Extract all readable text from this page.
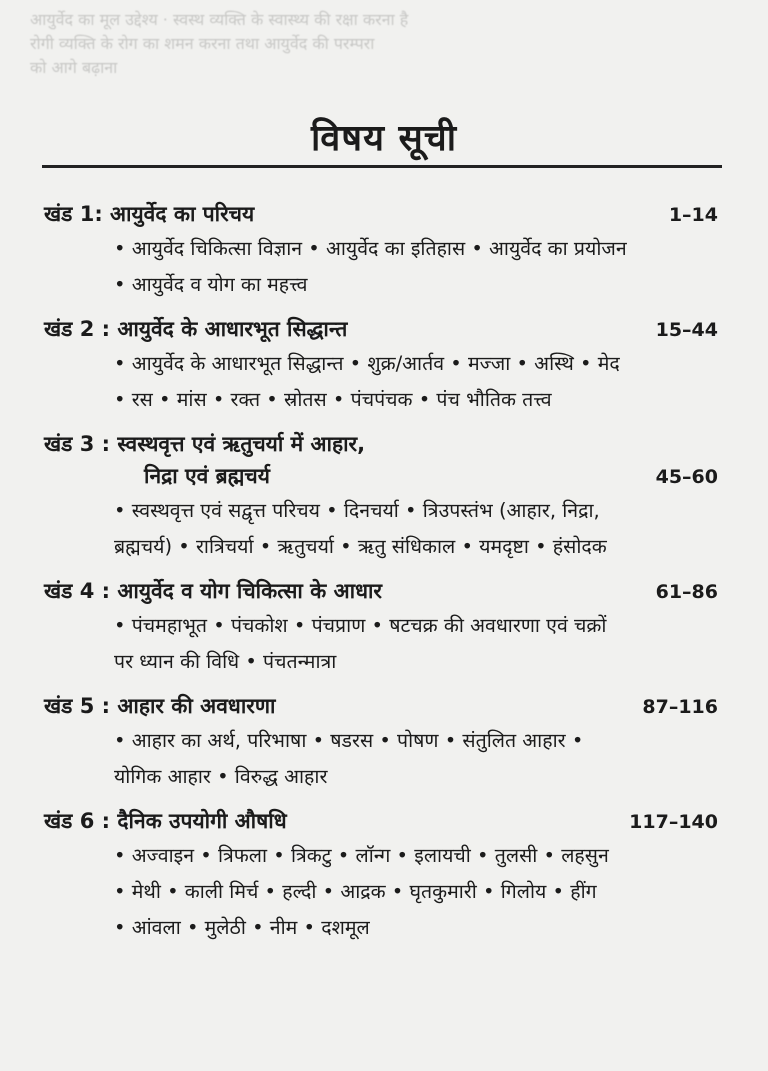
आयुर्वेद का मूल उद्देश्य · स्वस्थ व्यक्ति के स्वास्थ्य की रक्षा करना है
रोगी व्यक्ति के रोग का शमन करना तथा आयुर्वेद की परम्परा
को आगे बढ़ाना
विषय सूची
खंड 1: आयुर्वेद का परिचय	1–14
• आयुर्वेद चिकित्सा विज्ञान • आयुर्वेद का इतिहास • आयुर्वेद का प्रयोजन
• आयुर्वेद व योग का महत्त्व
खंड 2 : आयुर्वेद के आधारभूत सिद्धान्त	15–44
• आयुर्वेद के आधारभूत सिद्धान्त • शुक्र/आर्तव • मज्जा • अस्थि • मेद
• रस • मांस • रक्त • स्रोतस • पंचपंचक • पंच भौतिक तत्त्व
खंड 3 : स्वस्थवृत्त एवं ऋतुचर्या में आहार,
निद्रा एवं ब्रह्मचर्य	45–60
• स्वस्थवृत्त एवं सद्वृत्त परिचय • दिनचर्या • त्रिउपस्तंभ (आहार, निद्रा,
ब्रह्मचर्य) • रात्रिचर्या • ऋतुचर्या • ऋतु संधिकाल • यमदृष्टा • हंसोदक
खंड 4 : आयुर्वेद व योग चिकित्सा के आधार	61–86
• पंचमहाभूत • पंचकोश • पंचप्राण • षटचक्र की अवधारणा एवं चक्रों
पर ध्यान की विधि • पंचतन्मात्रा
खंड 5 : आहार की अवधारणा	87–116
• आहार का अर्थ, परिभाषा • षडरस • पोषण • संतुलित आहार •
योगिक आहार • विरुद्ध आहार
खंड 6 : दैनिक उपयोगी औषधि	117–140
• अज्वाइन • त्रिफला • त्रिकटु • लॉन्ग • इलायची • तुलसी • लहसुन
• मेथी • काली मिर्च • हल्दी • आद्रक • घृतकुमारी • गिलोय • हींग
• आंवला • मुलेठी • नीम • दशमूल
